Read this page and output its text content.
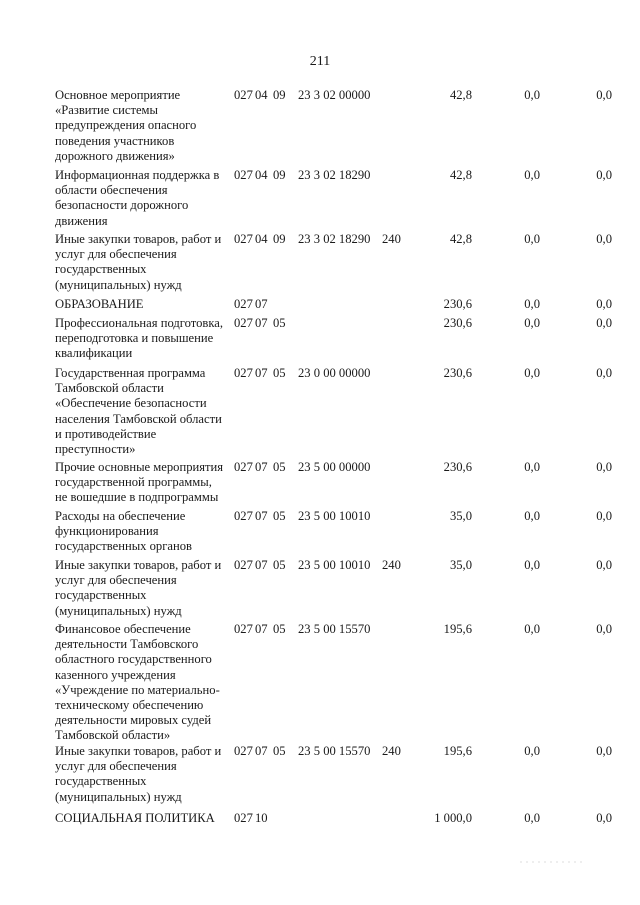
211
Основное мероприятие
«Развитие системы
предупреждения опасного
поведения участников
дорожного движения»
027 04 09 23 3 02 00000	42,8	0,0	0,0
Информационная поддержка в
области обеспечения
безопасности дорожного
движения
027 04 09 23 3 02 18290	42,8	0,0	0,0
Иные закупки товаров, работ и
услуг для обеспечения
государственных
(муниципальных) нужд
027 04 09 23 3 02 18290 240	42,8	0,0	0,0
ОБРАЗОВАНИЕ	027 07	230,6	0,0	0,0
Профессиональная подготовка,
переподготовка и повышение
квалификации
027 07 05	230,6	0,0	0,0
Государственная программа
Тамбовской области
«Обеспечение безопасности
населения Тамбовской области
и противодействие
преступности»
027 07 05 23 0 00 00000	230,6	0,0	0,0
Прочие основные мероприятия
государственной программы,
не вошедшие в подпрограммы
027 07 05 23 5 00 00000	230,6	0,0	0,0
Расходы на обеспечение
функционирования
государственных органов
027 07 05 23 5 00 10010	35,0	0,0	0,0
Иные закупки товаров, работ и
услуг для обеспечения
государственных
(муниципальных) нужд
027 07 05 23 5 00 10010 240	35,0	0,0	0,0
Финансовое обеспечение
деятельности Тамбовского
областного государственного
казенного учреждения
«Учреждение по материально-
техническому обеспечению
деятельности мировых судей
Тамбовской области»
027 07 05 23 5 00 15570	195,6	0,0	0,0
Иные закупки товаров, работ и
услуг для обеспечения
государственных
(муниципальных) нужд
027 07 05 23 5 00 15570 240	195,6	0,0	0,0
СОЦИАЛЬНАЯ ПОЛИТИКА	027 10	1 000,0	0,0	0,0
